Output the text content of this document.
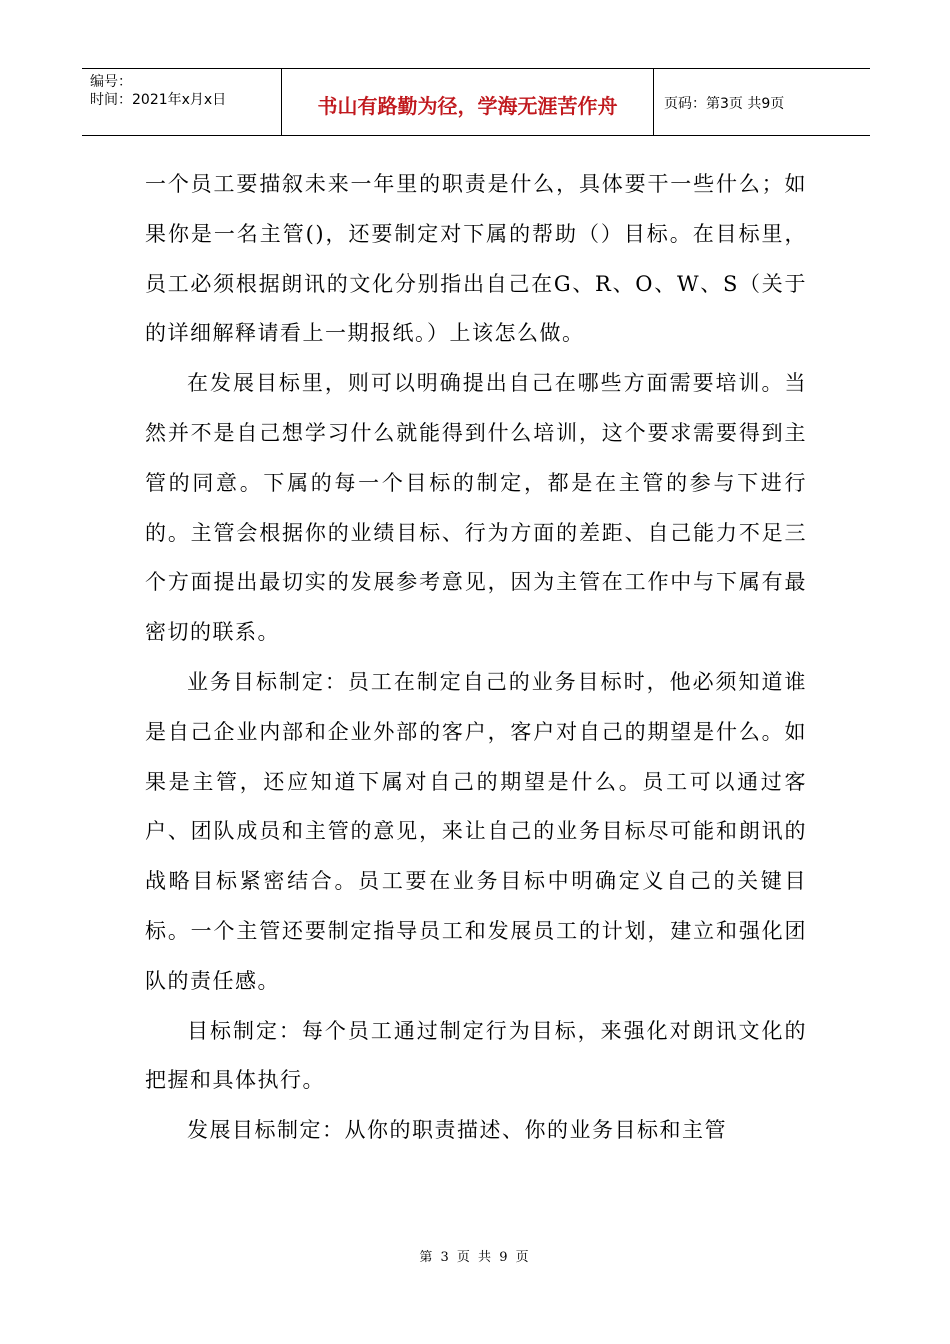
编号：
时间：2021年x月x日	书山有路勤为径，学海无涯苦作舟	页码：第3页 共9页

一个员工要描叙未来一年里的职责是什么，具体要干一些什么；如果你是一名主管()，还要制定对下属的帮助（）目标。在目标里，员工必须根据朗讯的文化分别指出自己在G、R、O、W、S（关于的详细解释请看上一期报纸。）上该怎么做。

在发展目标里，则可以明确提出自己在哪些方面需要培训。当然并不是自己想学习什么就能得到什么培训，这个要求需要得到主管的同意。下属的每一个目标的制定，都是在主管的参与下进行的。主管会根据你的业绩目标、行为方面的差距、自己能力不足三个方面提出最切实的发展参考意见，因为主管在工作中与下属有最密切的联系。

业务目标制定：员工在制定自己的业务目标时，他必须知道谁是自己企业内部和企业外部的客户，客户对自己的期望是什么。如果是主管，还应知道下属对自己的期望是什么。员工可以通过客户、团队成员和主管的意见，来让自己的业务目标尽可能和朗讯的战略目标紧密结合。员工要在业务目标中明确定义自己的关键目标。一个主管还要制定指导员工和发展员工的计划，建立和强化团队的责任感。

目标制定：每个员工通过制定行为目标，来强化对朗讯文化的把握和具体执行。

发展目标制定：从你的职责描述、你的业务目标和主管

第 3 页 共 9 页
